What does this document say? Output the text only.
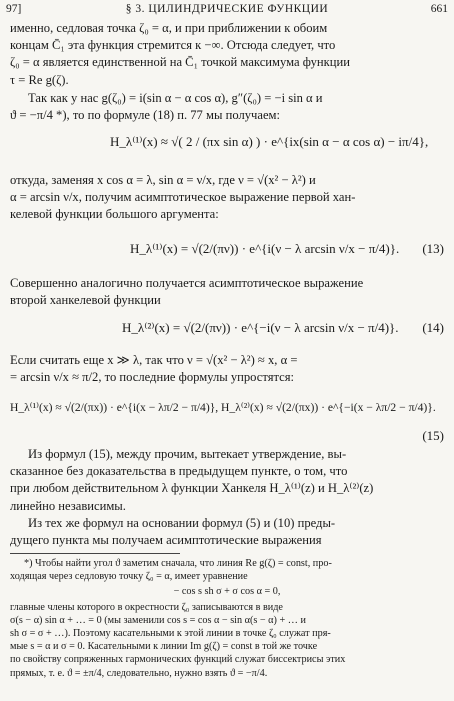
97]	§ 3. ЦИЛИНДРИЧЕСКИЕ ФУНКЦИИ	661
именно, седловая точка ζ₀ = α, и при приближении к обоим
концам C̄₁ эта функция стремится к −∞. Отсюда следует, что
ζ₀ = α является единственной на C̄₁ точкой максимума функции
τ = Re g(ζ).
Так как у нас g(ζ₀) = i(sin α − α cos α), g″(ζ₀) = −i sin α и
ϑ = −π/4 *), то по формуле (18) п. 77 мы получаем:
H_λ⁽¹⁾(x) ≈ √( 2 / (πx sin α) ) · e^{ix(sin α − α cos α) − iπ/4},
откуда, заменяя x cos α = λ, sin α = ν/x, где ν = √(x² − λ²) и
α = arcsin ν/x, получим асимптотическое выражение первой хан-
келевой функции большого аргумента:
H_λ⁽¹⁾(x) = √(2/(πν)) · e^{i(ν − λ arcsin ν/x − π/4)}. (13)
Совершенно аналогично получается асимптотическое выражение
второй ханкелевой функции
H_λ⁽²⁾(x) = √(2/(πν)) · e^{−i(ν − λ arcsin ν/x − π/4)}. (14)
Если считать еще x ≫ λ, так что ν = √(x² − λ²) ≈ x, α =
= arcsin ν/x ≈ π/2, то последние формулы упростятся:
H_λ⁽¹⁾(x) ≈ √(2/(πx)) · e^{i(x − λπ/2 − π/4)}, H_λ⁽²⁾(x) ≈ √(2/(πx)) · e^{−i(x − λπ/2 − π/4)}.
(15)
Из формул (15), между прочим, вытекает утверждение, вы-
сказанное без доказательства в предыдущем пункте, о том, что
при любом действительном λ функции Ханкеля H_λ⁽¹⁾(z) и H_λ⁽²⁾(z)
линейно независимы.
Из тех же формул на основании формул (5) и (10) преды-
дущего пункта мы получаем асимптотические выражения
*) Чтобы найти угол ϑ заметим сначала, что линия Re g(ζ) = const, про-
ходящая через седловую точку ζ₀ = α, имеет уравнение
− cos s sh σ + σ cos α = 0,
главные члены которого в окрестности ζ₀ записываются в виде
σ(s − α) sin α + … = 0 (мы заменили cos s = cos α − sin α(s − α) + … и
sh σ = σ + …). Поэтому касательными к этой линии в точке ζ₀ служат пря-
мые s = α и σ = 0. Касательными к линии Im g(ζ) = const в той же точке
по свойству сопряженных гармонических функций служат биссектрисы этих
прямых, т. е. ϑ = ±π/4, следовательно, нужно взять ϑ = −π/4.
